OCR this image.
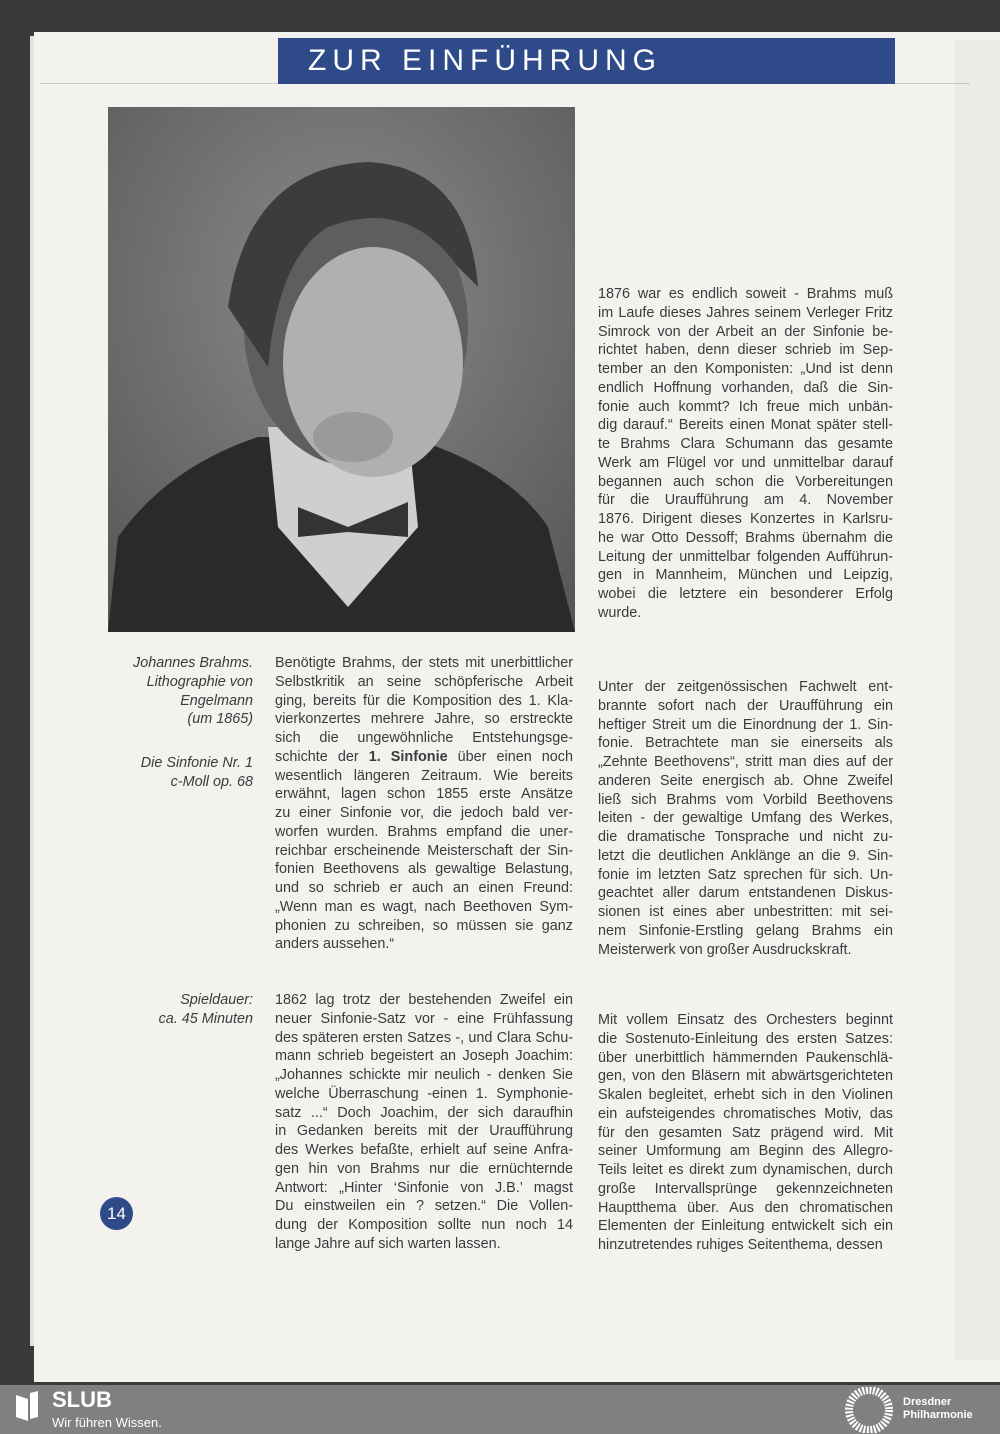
ZUR EINFÜHRUNG
Johannes Brahms.
Lithographie von
Engelmann
(um 1865)
Die Sinfonie Nr. 1
c-Moll op. 68
Spieldauer:
ca. 45 Minuten
14
Benötigte Brahms, der stets mit unerbittlicher
Selbstkritik an seine schöpferische Arbeit
ging, bereits für die Komposition des 1. Kla-
vierkonzertes mehrere Jahre, so erstreckte
sich die ungewöhnliche Entstehungsge-
schichte der 1. Sinfonie über einen noch
wesentlich längeren Zeitraum. Wie bereits
erwähnt, lagen schon 1855 erste Ansätze
zu einer Sinfonie vor, die jedoch bald ver-
worfen wurden. Brahms empfand die uner-
reichbar erscheinende Meisterschaft der Sin-
fonien Beethovens als gewaltige Belastung,
und so schrieb er auch an einen Freund:
„Wenn man es wagt, nach Beethoven Sym-
phonien zu schreiben, so müssen sie ganz
anders aussehen.“
1862 lag trotz der bestehenden Zweifel ein
neuer Sinfonie-Satz vor - eine Frühfassung
des späteren ersten Satzes -, und Clara Schu-
mann schrieb begeistert an Joseph Joachim:
„Johannes schickte mir neulich - denken Sie
welche Überraschung -einen 1. Symphonie-
satz ...“ Doch Joachim, der sich daraufhin
in Gedanken bereits mit der Uraufführung
des Werkes befaßte, erhielt auf seine Anfra-
gen hin von Brahms nur die ernüchternde
Antwort: „Hinter ‘Sinfonie von J.B.’ magst
Du einstweilen ein ? setzen.“ Die Vollen-
dung der Komposition sollte nun noch 14
lange Jahre auf sich warten lassen.
1876 war es endlich soweit - Brahms muß
im Laufe dieses Jahres seinem Verleger Fritz
Simrock von der Arbeit an der Sinfonie be-
richtet haben, denn dieser schrieb im Sep-
tember an den Komponisten: „Und ist denn
endlich Hoffnung vorhanden, daß die Sin-
fonie auch kommt? Ich freue mich unbän-
dig darauf.“ Bereits einen Monat später stell-
te Brahms Clara Schumann das gesamte
Werk am Flügel vor und unmittelbar darauf
begannen auch schon die Vorbereitungen
für die Uraufführung am 4. November
1876. Dirigent dieses Konzertes in Karlsru-
he war Otto Dessoff; Brahms übernahm die
Leitung der unmittelbar folgenden Aufführun-
gen in Mannheim, München und Leipzig,
wobei die letztere ein besonderer Erfolg
wurde.
Unter der zeitgenössischen Fachwelt ent-
brannte sofort nach der Uraufführung ein
heftiger Streit um die Einordnung der 1. Sin-
fonie. Betrachtete man sie einerseits als
„Zehnte Beethovens“, stritt man dies auf der
anderen Seite energisch ab. Ohne Zweifel
ließ sich Brahms vom Vorbild Beethovens
leiten - der gewaltige Umfang des Werkes,
die dramatische Tonsprache und nicht zu-
letzt die deutlichen Anklänge an die 9. Sin-
fonie im letzten Satz sprechen für sich. Un-
geachtet aller darum entstandenen Diskus-
sionen ist eines aber unbestritten: mit sei-
nem Sinfonie-Erstling gelang Brahms ein
Meisterwerk von großer Ausdruckskraft.
Mit vollem Einsatz des Orchesters beginnt
die Sostenuto-Einleitung des ersten Satzes:
über unerbittlich hämmernden Paukenschlä-
gen, von den Bläsern mit abwärtsgerichteten
Skalen begleitet, erhebt sich in den Violinen
ein aufsteigendes chromatisches Motiv, das
für den gesamten Satz prägend wird. Mit
seiner Umformung am Beginn des Allegro-
Teils leitet es direkt zum dynamischen, durch
große Intervallsprünge gekennzeichneten
Hauptthema über. Aus den chromatischen
Elementen der Einleitung entwickelt sich ein
hinzutretendes ruhiges Seitenthema, dessen
SLUB
Wir führen Wissen.
Dresdner
Philharmonie
